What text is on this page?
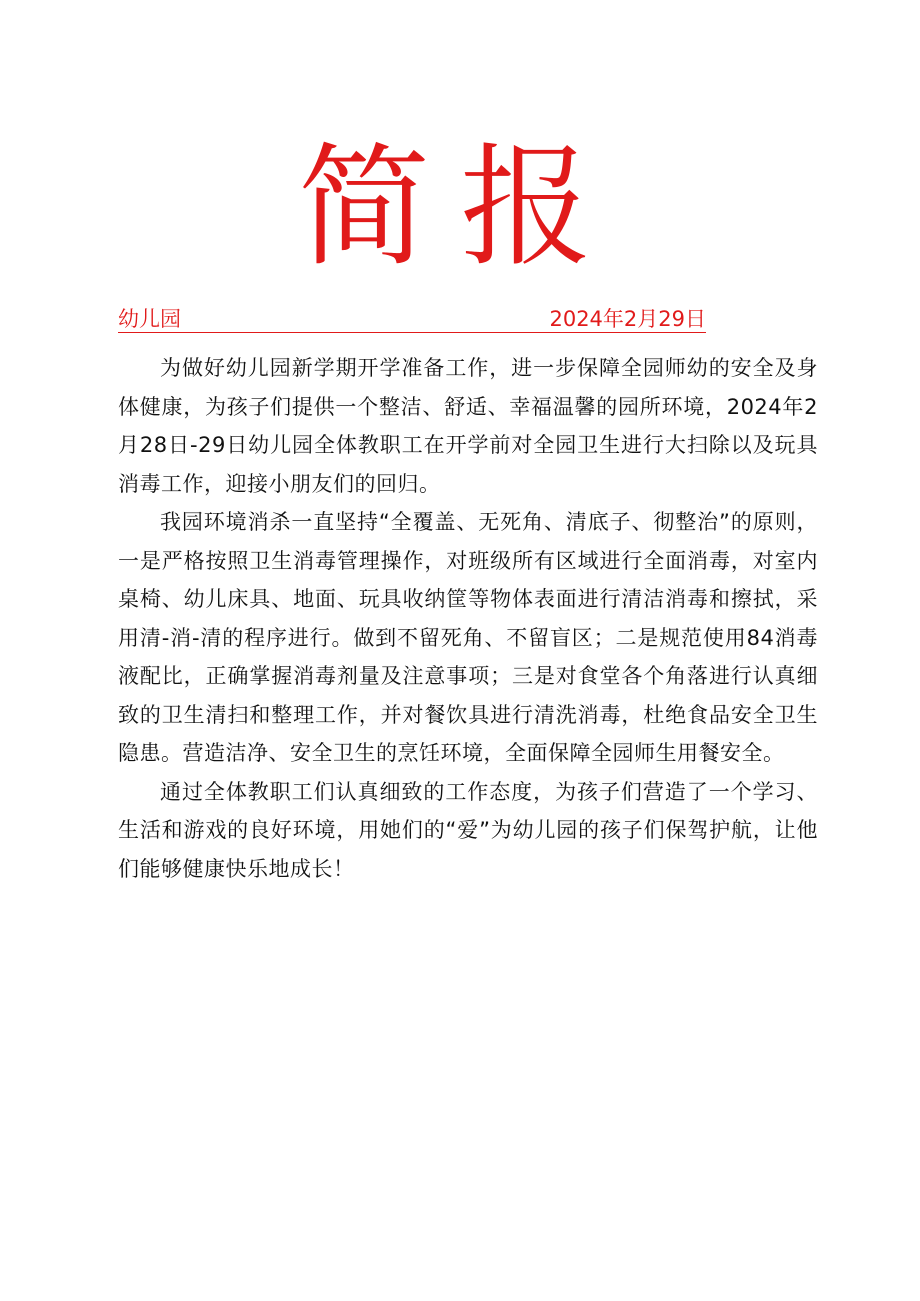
简报
幼儿园	2024年2月29日

为做好幼儿园新学期开学准备工作，进一步保障全园师幼的安全及身体健康，为孩子们提供一个整洁、舒适、幸福温馨的园所环境，2024年2月28日-29日幼儿园全体教职工在开学前对全园卫生进行大扫除以及玩具消毒工作，迎接小朋友们的回归。

我园环境消杀一直坚持“全覆盖、无死角、清底子、彻整治”的原则，一是严格按照卫生消毒管理操作，对班级所有区域进行全面消毒，对室内桌椅、幼儿床具、地面、玩具收纳筐等物体表面进行清洁消毒和擦拭，采用清-消-清的程序进行。做到不留死角、不留盲区；二是规范使用84消毒液配比，正确掌握消毒剂量及注意事项；三是对食堂各个角落进行认真细致的卫生清扫和整理工作，并对餐饮具进行清洗消毒，杜绝食品安全卫生隐患。营造洁净、安全卫生的烹饪环境，全面保障全园师生用餐安全。

通过全体教职工们认真细致的工作态度，为孩子们营造了一个学习、生活和游戏的良好环境，用她们的“爱”为幼儿园的孩子们保驾护航，让他们能够健康快乐地成长！
